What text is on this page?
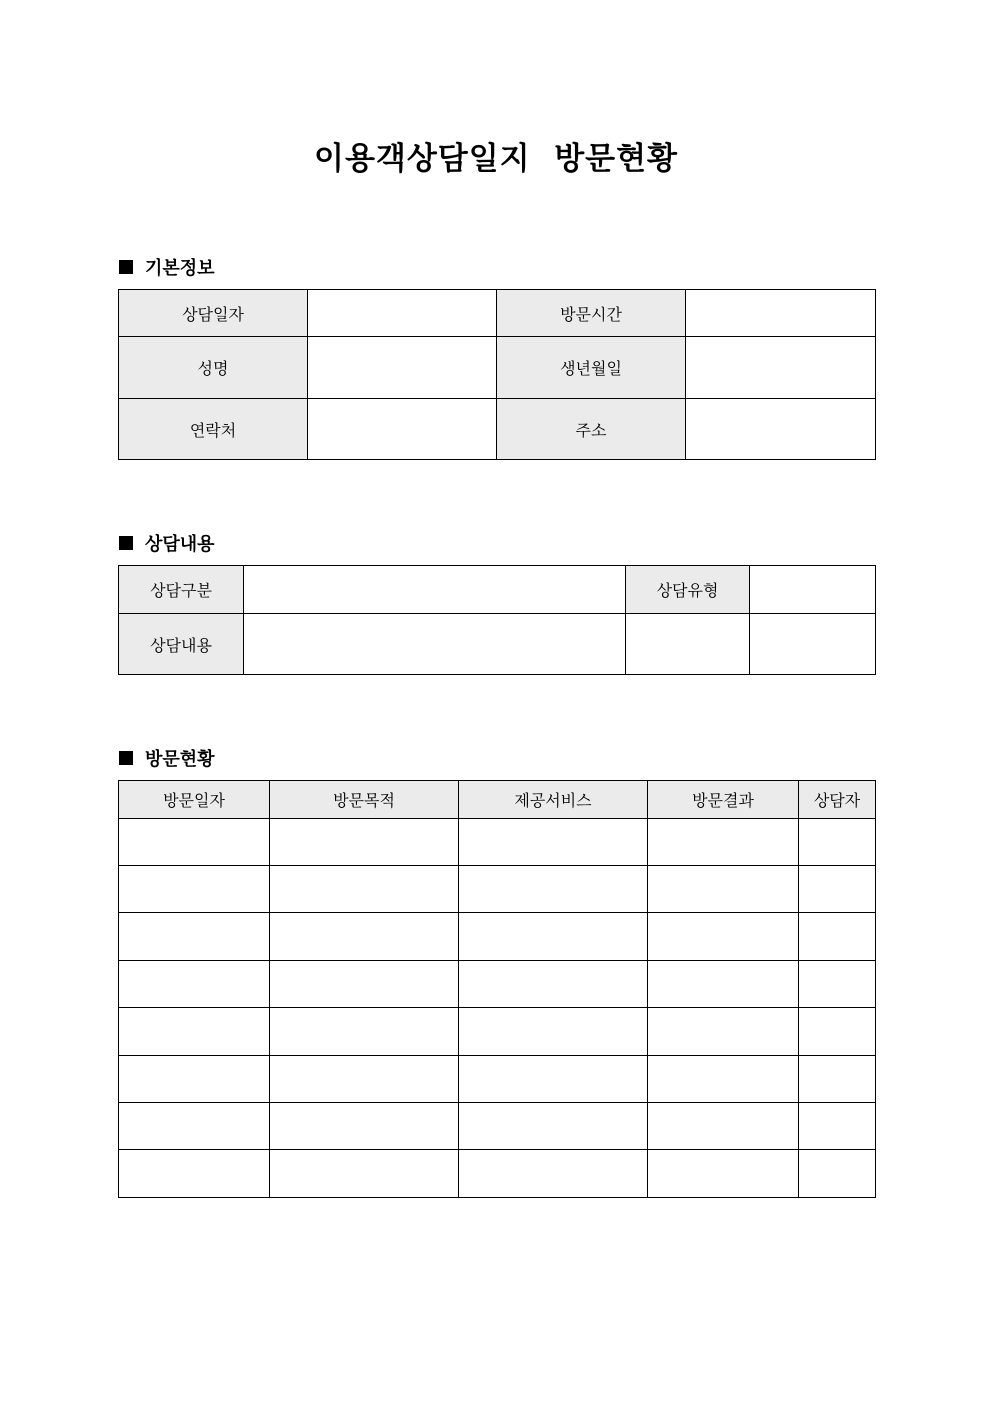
이용객상담일지  방문현황
기본정보
상담일자		방문시간	
성명		생년월일	
연락처		주소	
상담내용
상담구분		상담유형	
상담내용			
방문현황
방문일자	방문목적	제공서비스	방문결과	상담자
